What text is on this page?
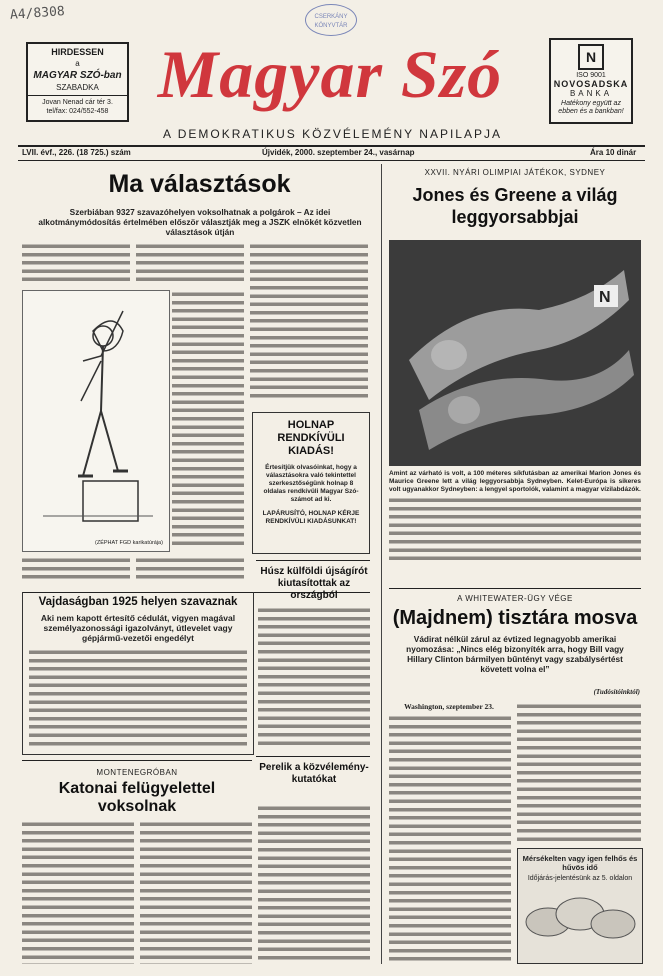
A4/8308	CSERKÁNY KÖNYVTÁR
HIRDESSEN
a
MAGYAR SZÓ-ban
SZABADKA
Jovan Nenad cár tér 3.
tel/fax: 024/552-458 Magyar Szó
A DEMOKRATIKUS KÖZVÉLEMÉNY NAPILAPJA
N
ISO 9001
NOVOSADSKA
BANKA
Hatékony együtt az ebben és a bankban!
LVII. évf., 226. (18 725.) szám	Újvidék, 2000. szeptember 24., vasárnap	Ára 10 dinár
Ma választások
Szerbiában 9327 szavazóhelyen voksolhatnak a polgárok – Az idei alkotmánymódosítás értelmében először választják meg a JSZK elnökét közvetlen választások útján
(ZÉPHAT FGD karikatúrája)
HOLNAP RENDKÍVÜLI KIADÁS!
Értesítjük olvasóinkat, hogy a választásokra való tekintettel szerkesztőségünk holnap 8 oldalas rendkívüli Magyar Szó-számot ad ki.
LAPÁRUSÍTÓ, HOLNAP KÉRJE RENDKÍVÜLI KIADÁSUNKAT!
Vajdaságban 1925 helyen szavaznak
Aki nem kapott értesítő cédulát, vigyen magával személyazonossági igazolványt, útlevelet vagy gépjármű-vezetői engedélyt
Húsz külföldi újságírót kiutasítottak az országból
Perelik a közvélemény-kutatókat
MONTENEGRÓBAN
Katonai felügyelettel voksolnak
XXVII. NYÁRI OLIMPIAI JÁTÉKOK, SYDNEY
Jones és Greene a világ leggyorsabbjai
N
Amint az várható is volt, a 100 méteres síkfutásban az amerikai Marion Jones és Maurice Greene lett a világ leggyorsabbja Sydneyben. Kelet-Európa is sikeres volt ugyanakkor Sydneyben: a lengyel sportolók, valamint a magyar vízilabdázók.
A WHITEWATER-ÜGY VÉGE
(Majdnem) tisztára mosva
Vádirat nélkül zárul az évtized legnagyobb amerikai nyomozása: „Nincs elég bizonyíték arra, hogy Bill vagy Hillary Clinton bármilyen bűntényt vagy szabálysértést követett volna el”
(Tudósítóinktól)
Washington, szeptember 23.
Mérsékelten vagy igen felhős és hűvös idő
Időjárás-jelentésünk az 5. oldalon
